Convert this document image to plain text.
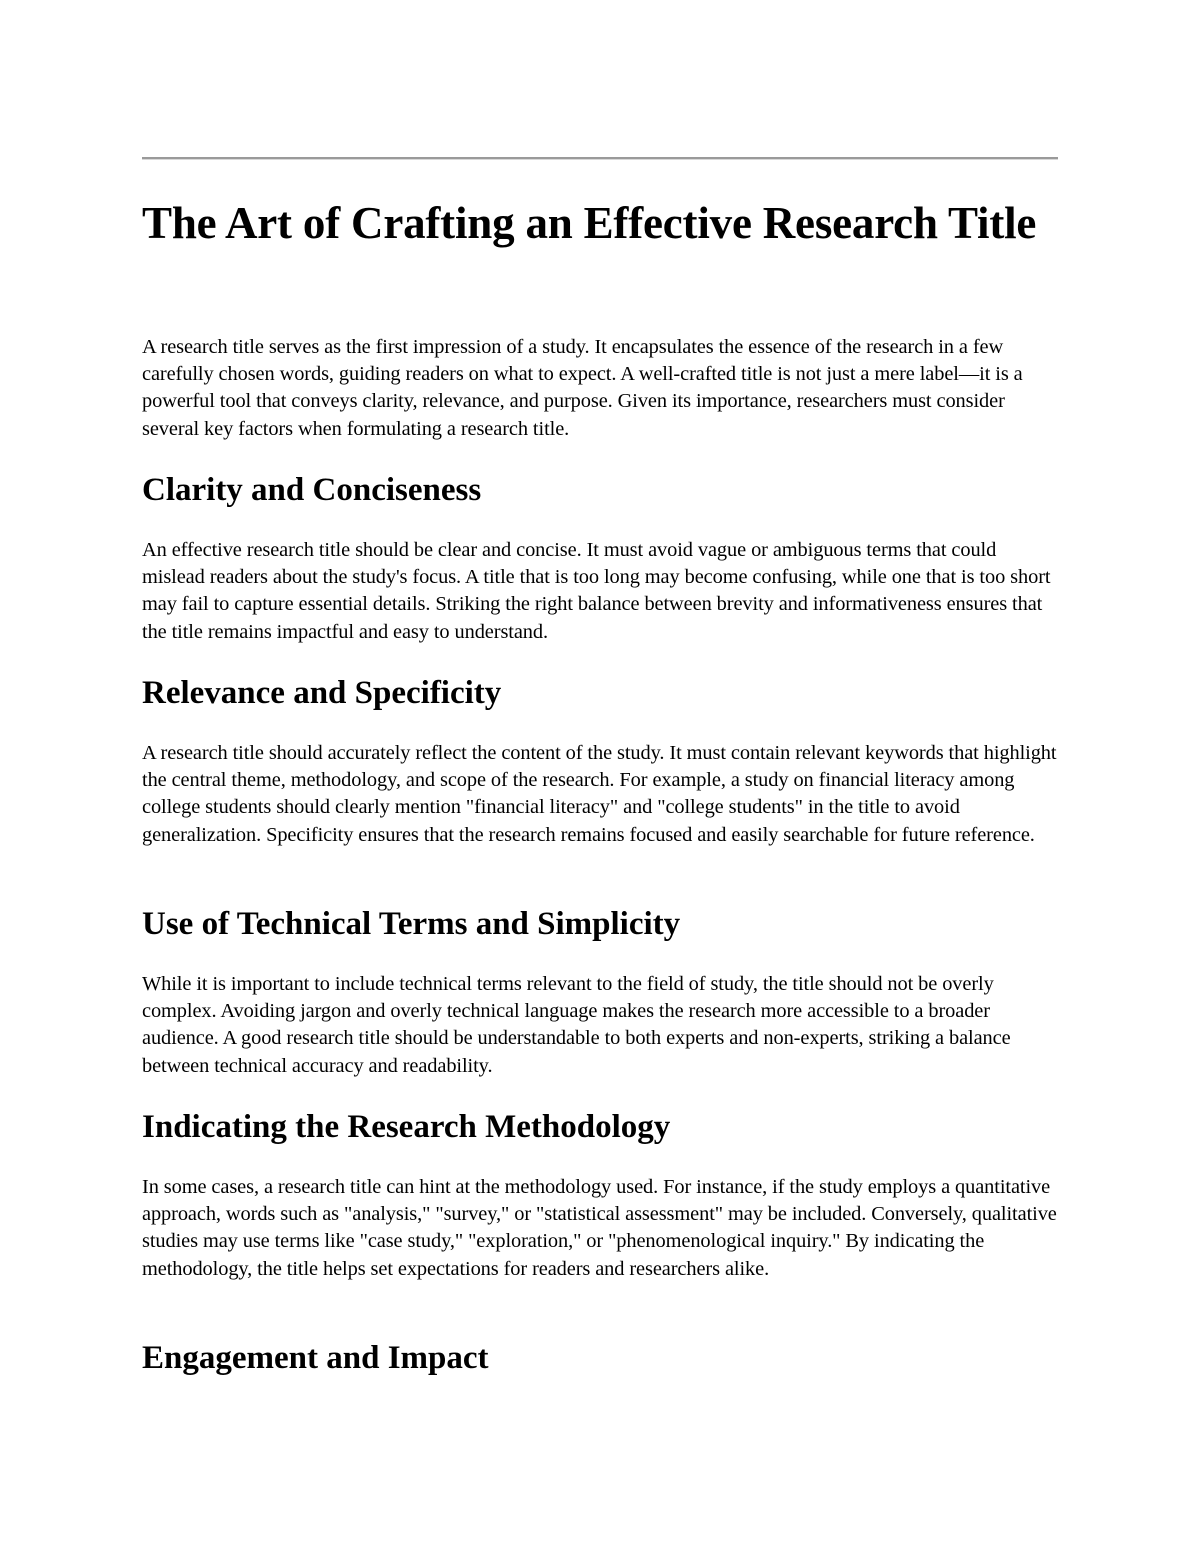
The Art of Crafting an Effective Research Title

A research title serves as the first impression of a study. It encapsulates the essence of the research in a few carefully chosen words, guiding readers on what to expect. A well-crafted title is not just a mere label—it is a powerful tool that conveys clarity, relevance, and purpose. Given its importance, researchers must consider several key factors when formulating a research title.

Clarity and Conciseness

An effective research title should be clear and concise. It must avoid vague or ambiguous terms that could mislead readers about the study's focus. A title that is too long may become confusing, while one that is too short may fail to capture essential details. Striking the right balance between brevity and informativeness ensures that the title remains impactful and easy to understand.

Relevance and Specificity

A research title should accurately reflect the content of the study. It must contain relevant keywords that highlight the central theme, methodology, and scope of the research. For example, a study on financial literacy among college students should clearly mention "financial literacy" and "college students" in the title to avoid generalization. Specificity ensures that the research remains focused and easily searchable for future reference.

Use of Technical Terms and Simplicity

While it is important to include technical terms relevant to the field of study, the title should not be overly complex. Avoiding jargon and overly technical language makes the research more accessible to a broader audience. A good research title should be understandable to both experts and non-experts, striking a balance between technical accuracy and readability.

Indicating the Research Methodology

In some cases, a research title can hint at the methodology used. For instance, if the study employs a quantitative approach, words such as "analysis," "survey," or "statistical assessment" may be included. Conversely, qualitative studies may use terms like "case study," "exploration," or "phenomenological inquiry." By indicating the methodology, the title helps set expectations for readers and researchers alike.

Engagement and Impact
